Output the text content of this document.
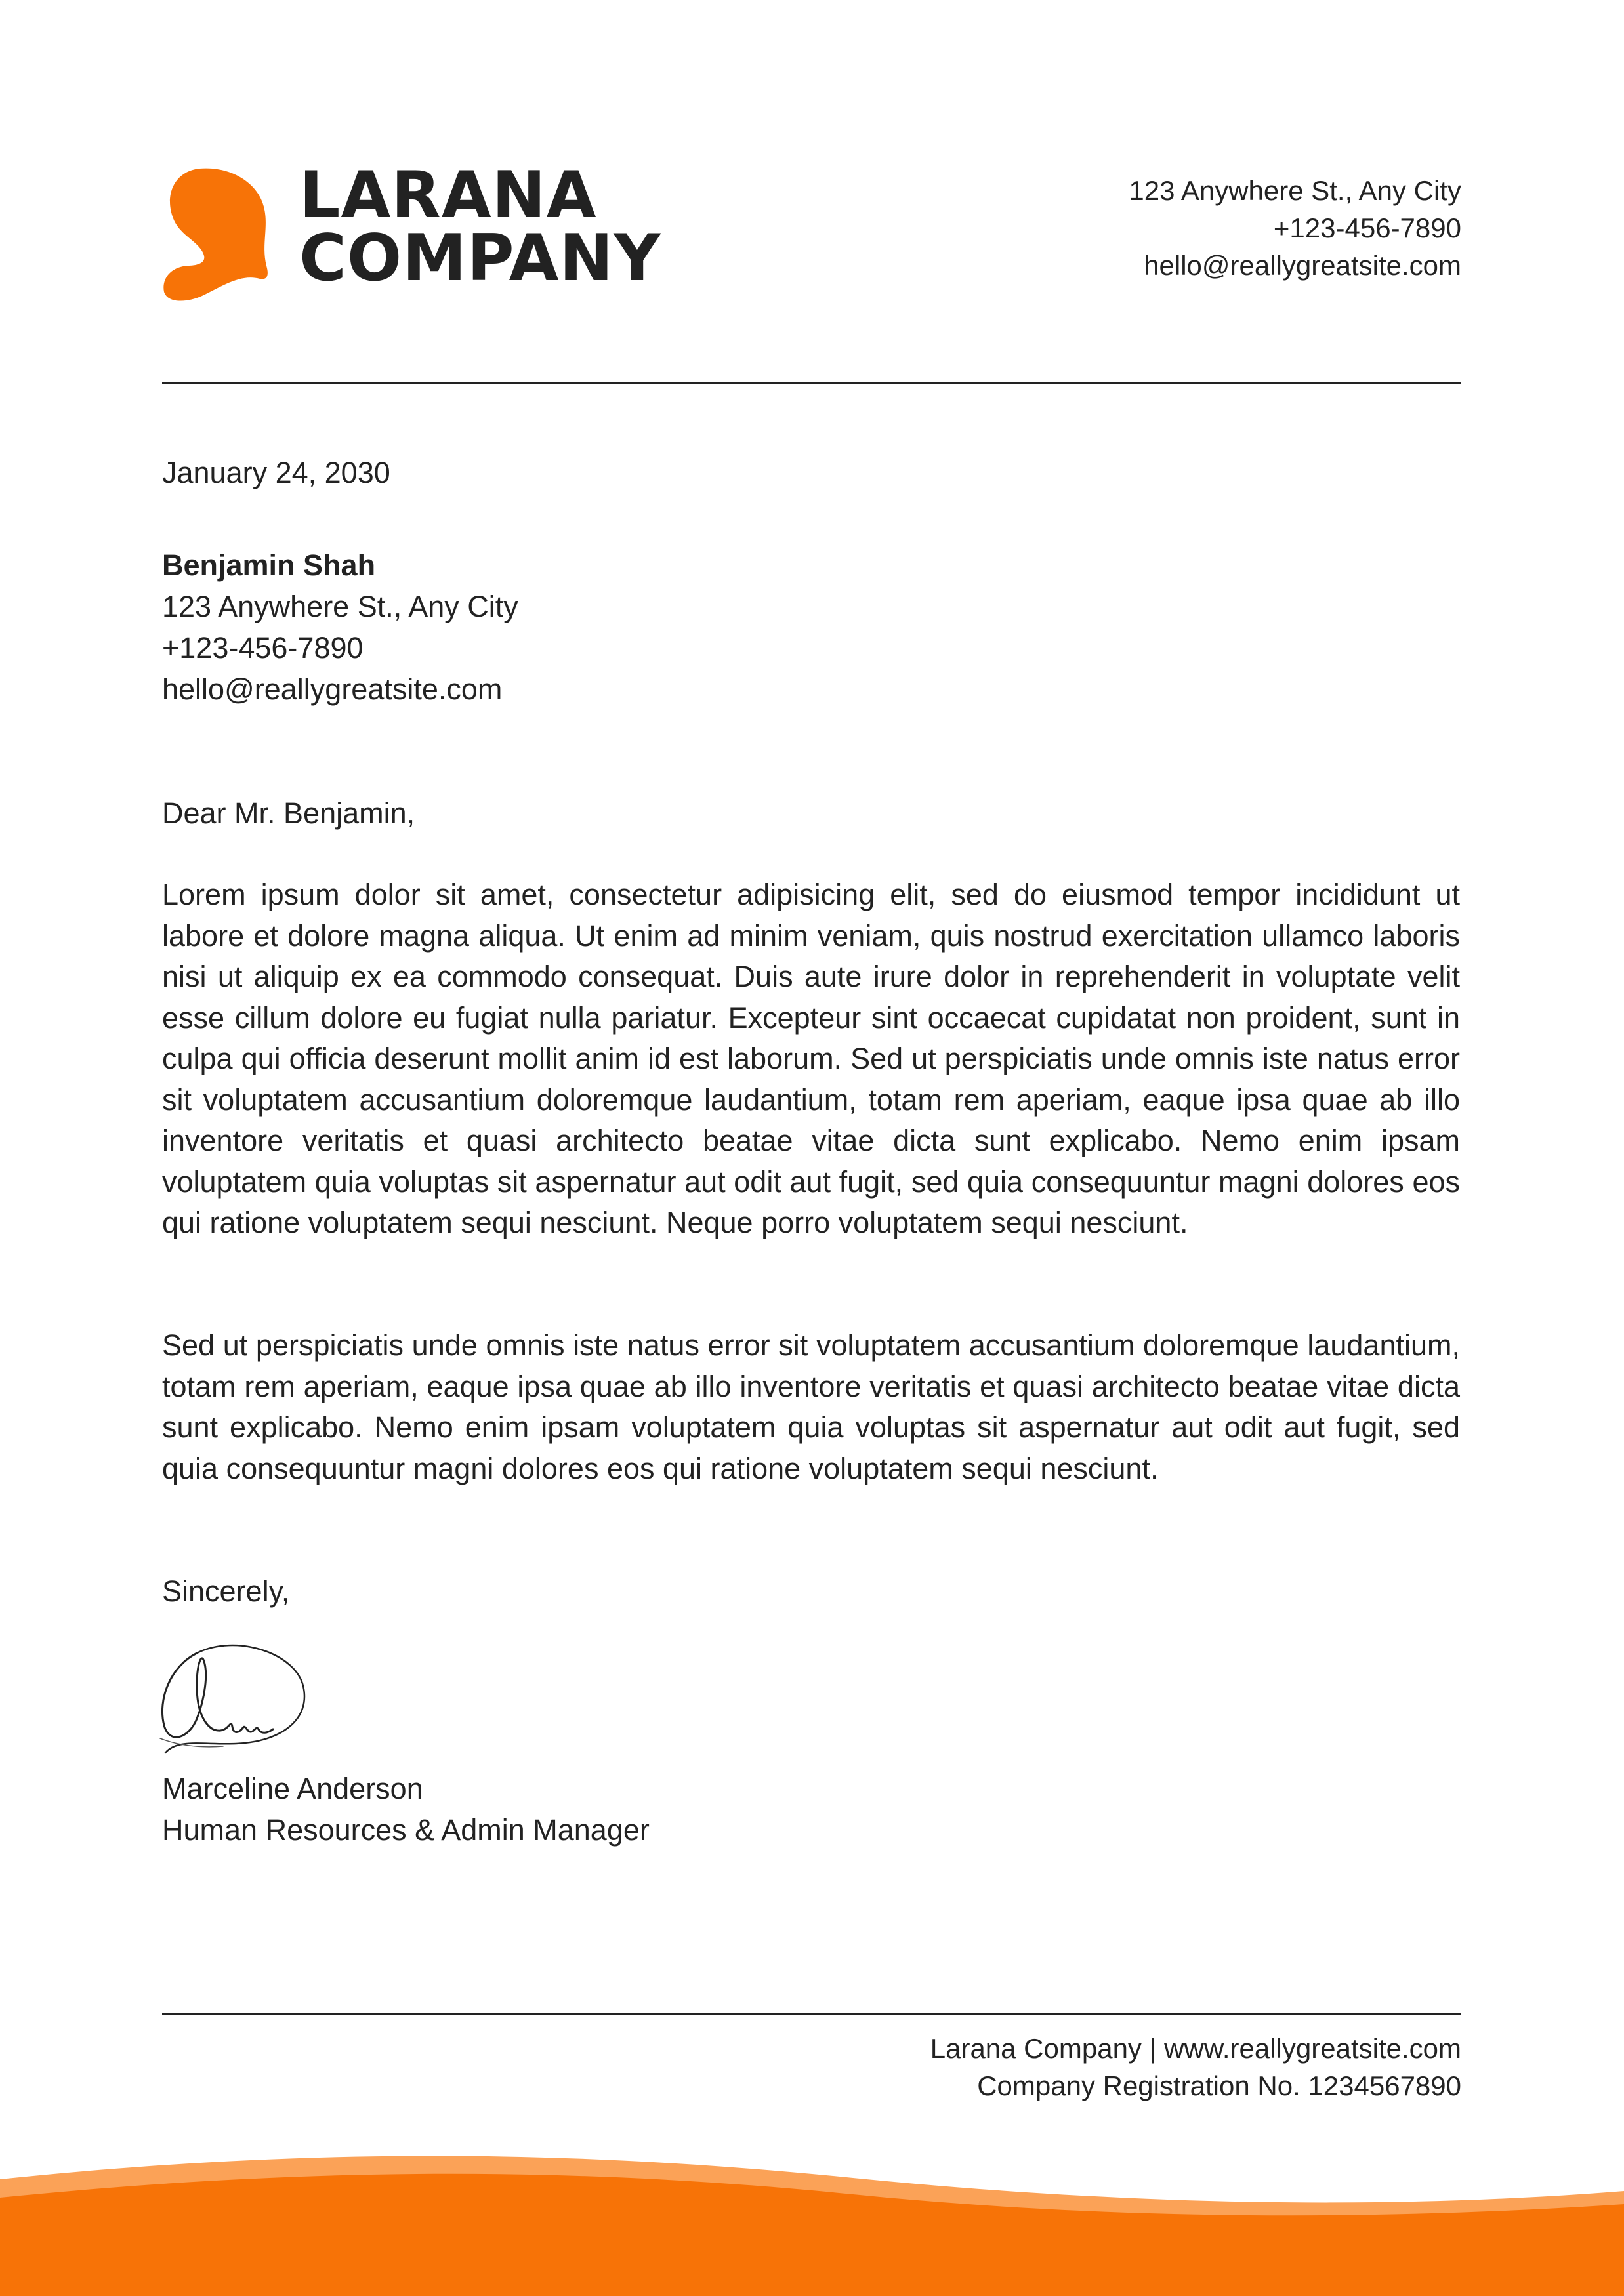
LARANA
COMPANY
123 Anywhere St., Any City
+123-456-7890
hello@reallygreatsite.com
January 24, 2030
Benjamin Shah
123 Anywhere St., Any City
+123-456-7890
hello@reallygreatsite.com
Dear Mr. Benjamin,
Lorem ipsum dolor sit amet, consectetur adipisicing elit, sed do eiusmod tempor incididunt ut labore et dolore magna aliqua. Ut enim ad minim veniam, quis nostrud exercitation ullamco laboris nisi ut aliquip ex ea commodo consequat. Duis aute irure dolor in reprehenderit in voluptate velit esse cillum dolore eu fugiat nulla pariatur. Excepteur sint occaecat cupidatat non proident, sunt in culpa qui officia deserunt mollit anim id est laborum. Sed ut perspiciatis unde omnis iste natus error sit voluptatem accusantium doloremque laudantium, totam rem aperiam, eaque ipsa quae ab illo inventore veritatis et quasi architecto beatae vitae dicta sunt explicabo. Nemo enim ipsam voluptatem quia voluptas sit aspernatur aut odit aut fugit, sed quia consequuntur magni dolores eos qui ratione voluptatem sequi nesciunt. Neque porro voluptatem sequi nesciunt.
Sed ut perspiciatis unde omnis iste natus error sit voluptatem accusantium doloremque laudantium, totam rem aperiam, eaque ipsa quae ab illo inventore veritatis et quasi architecto beatae vitae dicta sunt explicabo. Nemo enim ipsam voluptatem quia voluptas sit aspernatur aut odit aut fugit, sed quia consequuntur magni dolores eos qui ratione voluptatem sequi nesciunt.
Sincerely,
Marceline Anderson
Human Resources & Admin Manager
Larana Company | www.reallygreatsite.com
Company Registration No. 1234567890
